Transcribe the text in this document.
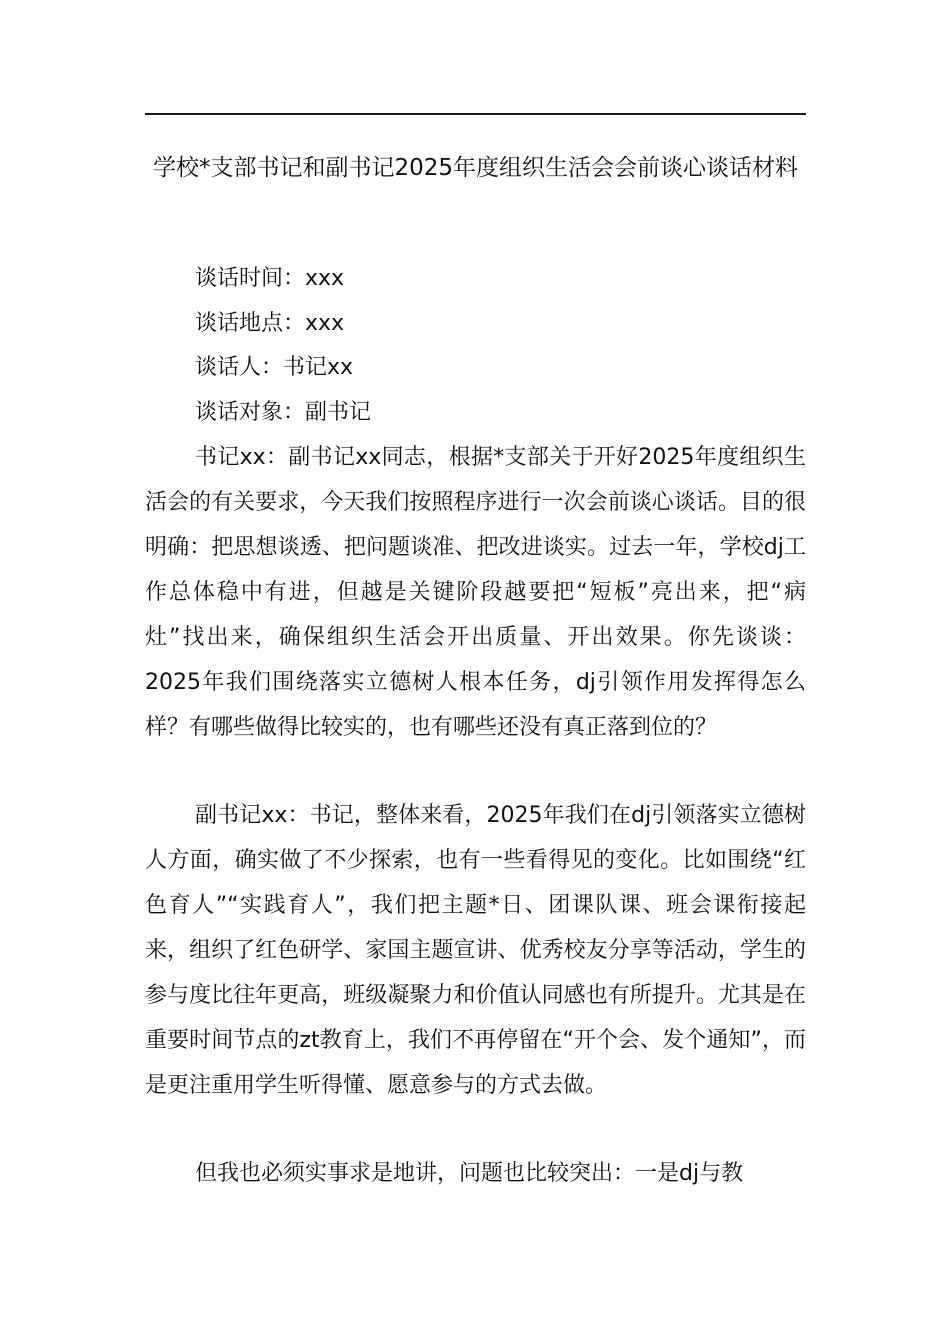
学校*支部书记和副书记2025年度组织生活会会前谈心谈话材料
谈话时间：xxx
谈话地点：xxx
谈话人：书记xx
谈话对象：副书记
书记xx：副书记xx同志，根据*支部关于开好2025年度组织生活会的有关要求，今天我们按照程序进行一次会前谈心谈话。目的很明确：把思想谈透、把问题谈准、把改进谈实。过去一年，学校dj工作总体稳中有进，但越是关键阶段越要把“短板”亮出来，把“病灶”找出来，确保组织生活会开出质量、开出效果。你先谈谈：2025年我们围绕落实立德树人根本任务，dj引领作用发挥得怎么样？有哪些做得比较实的，也有哪些还没有真正落到位的？
副书记xx：书记，整体来看，2025年我们在dj引领落实立德树人方面，确实做了不少探索，也有一些看得见的变化。比如围绕“红色育人”“实践育人”，我们把主题*日、团课队课、班会课衔接起来，组织了红色研学、家国主题宣讲、优秀校友分享等活动，学生的参与度比往年更高，班级凝聚力和价值认同感也有所提升。尤其是在重要时间节点的zt教育上，我们不再停留在“开个会、发个通知”，而是更注重用学生听得懂、愿意参与的方式去做。
但我也必须实事求是地讲，问题也比较突出：一是dj与教
